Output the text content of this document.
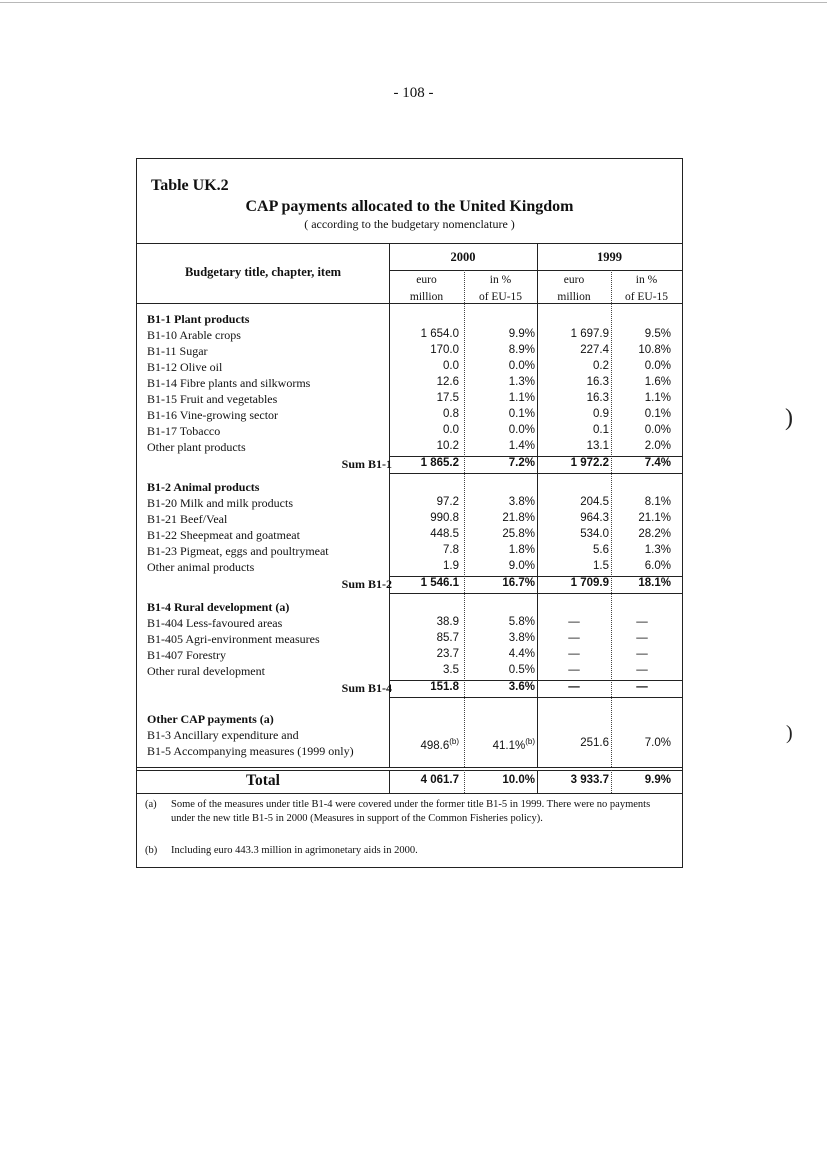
- 108 -
)
)
Table UK.2
CAP payments allocated to the United Kingdom
( according to the budgetary nomenclature )
Budgetary title, chapter, item
2000	1999
euro
million
in %
of EU-15
euro
million
in %
of EU-15
B1-1 Plant products
B1-10 Arable crops	1 654.0	9.9%	1 697.9	9.5%
B1-11 Sugar	170.0	8.9%	227.4	10.8%
B1-12 Olive oil	0.0	0.0%	0.2	0.0%
B1-14 Fibre plants and silkworms	12.6	1.3%	16.3	1.6%
B1-15 Fruit and vegetables	17.5	1.1%	16.3	1.1%
B1-16 Vine-growing sector	0.8	0.1%	0.9	0.1%
B1-17 Tobacco	0.0	0.0%	0.1	0.0%
Other plant products	10.2	1.4%	13.1	2.0%
Sum B1-1	1 865.2	7.2%	1 972.2	7.4%
B1-2 Animal products
B1-20 Milk and milk products	97.2	3.8%	204.5	8.1%
B1-21 Beef/Veal	990.8	21.8%	964.3	21.1%
B1-22 Sheepmeat and goatmeat	448.5	25.8%	534.0	28.2%
B1-23 Pigmeat, eggs and poultrymeat	7.8	1.8%	5.6	1.3%
Other animal products	1.9	9.0%	1.5	6.0%
Sum B1-2	1 546.1	16.7%	1 709.9	18.1%
B1-4 Rural development (a)
B1-404 Less-favoured areas	38.9	5.8%	—	—
B1-405 Agri-environment measures	85.7	3.8%	—	—
B1-407 Forestry	23.7	4.4%	—	—
Other rural development	3.5	0.5%	—	—
Sum B1-4	151.8	3.6%	—	—
Other CAP payments (a)
B1-3 Ancillary expenditure and
B1-5 Accompanying measures (1999 only)	498.6$^{(b)}$	41.1%$^{(b)}$	251.6	7.0%
Total	4 061.7	10.0%	3 933.7	9.9%
(a) Some of the measures under title B1-4 were covered under the former title B1-5 in 1999. There were no payments under the new title B1-5 in 2000 (Measures in support of the Common Fisheries policy).
(b) Including euro 443.3 million in agrimonetary aids in 2000.
